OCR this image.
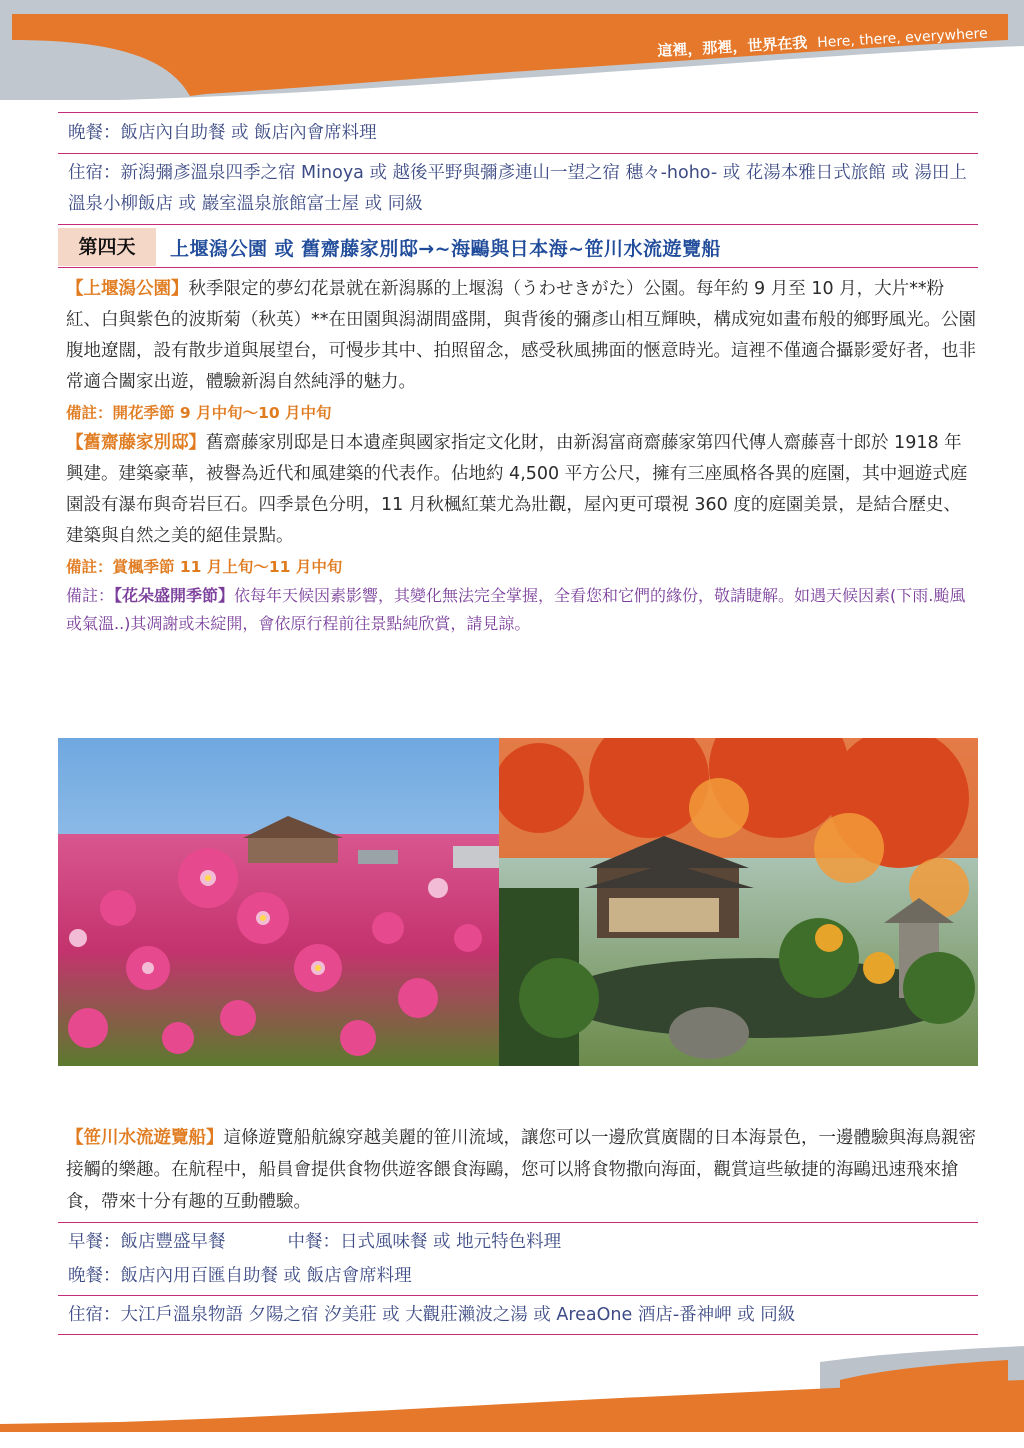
這裡，那裡，世界在我 Here, there, everywhere
晚餐：飯店內自助餐 或 飯店內會席料理
住宿：新潟彌彥溫泉四季之宿 Minoya 或 越後平野與彌彥連山一望之宿 穗々-hoho- 或 花湯本雅日式旅館 或 湯田上溫泉小柳飯店 或 巖室溫泉旅館富士屋 或 同級
第四天	上堰潟公園 或 舊齋藤家別邸→~海鷗與日本海~笹川水流遊覽船
【上堰潟公園】秋季限定的夢幻花景就在新潟縣的上堰潟（うわせきがた）公園。每年約 9 月至 10 月，大片**粉紅、白與紫色的波斯菊（秋英）**在田園與潟湖間盛開，與背後的彌彥山相互輝映，構成宛如畫布般的鄉野風光。公園腹地遼闊，設有散步道與展望台，可慢步其中、拍照留念，感受秋風拂面的愜意時光。這裡不僅適合攝影愛好者，也非常適合闔家出遊，體驗新潟自然純淨的魅力。
備註：開花季節 9 月中旬～10 月中旬
【舊齋藤家別邸】舊齋藤家別邸是日本遺產與國家指定文化財，由新潟富商齋藤家第四代傳人齋藤喜十郎於 1918 年興建。建築豪華，被譽為近代和風建築的代表作。佔地約 4,500 平方公尺，擁有三座風格各異的庭園，其中迴遊式庭園設有瀑布與奇岩巨石。四季景色分明，11 月秋楓紅葉尤為壯觀，屋內更可環視 360 度的庭園美景，是結合歷史、建築與自然之美的絕佳景點。
備註：賞楓季節 11 月上旬～11 月中旬
備註：【花朵盛開季節】依每年天候因素影響，其變化無法完全掌握，全看您和它們的緣份，敬請睫解。如遇天候因素(下雨.颱風或氣溫..)其凋謝或未綻開，會依原行程前往景點純欣賞，請見諒。
【笹川水流遊覽船】這條遊覽船航線穿越美麗的笹川流域，讓您可以一邊欣賞廣闊的日本海景色，一邊體驗與海鳥親密接觸的樂趣。在航程中，船員會提供食物供遊客餵食海鷗，您可以將食物撒向海面，觀賞這些敏捷的海鷗迅速飛來搶食，帶來十分有趣的互動體驗。
早餐：飯店豐盛早餐	中餐：日式風味餐 或 地元特色料理
晚餐：飯店內用百匯自助餐 或 飯店會席料理
住宿：大江戶溫泉物語 夕陽之宿 汐美莊 或 大觀莊瀨波之湯 或 AreaOne 酒店-番神岬 或 同級
這裡，那裡，世界在我 Here, there, everywhere
